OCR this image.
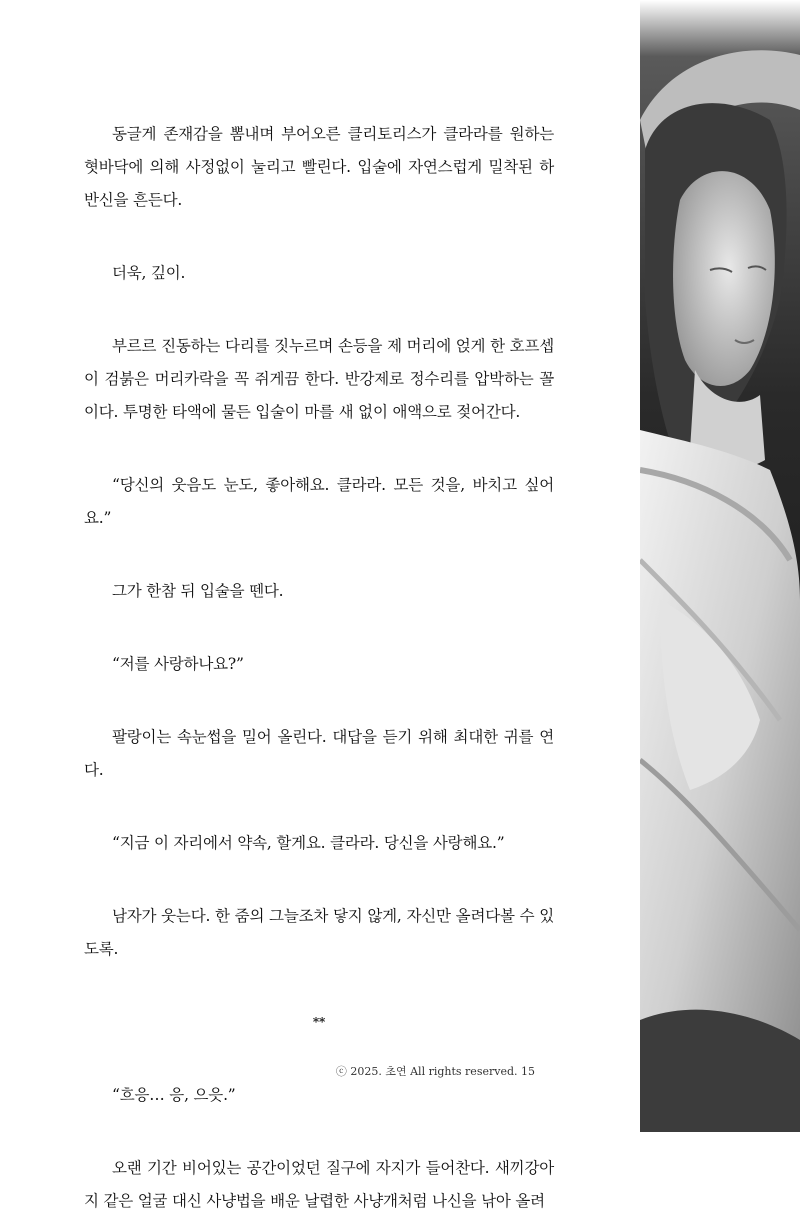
동글게 존재감을 뽐내며 부어오른 클리토리스가 클라라를 원하는 혓바닥에 의해 사정없이 눌리고 빨린다. 입술에 자연스럽게 밀착된 하반신을 흔든다.

더욱, 깊이.

부르르 진동하는 다리를 짓누르며 손등을 제 머리에 얹게 한 호프셉이 검붉은 머리카락을 꼭 쥐게끔 한다. 반강제로 정수리를 압박하는 꼴이다. 투명한 타액에 물든 입술이 마를 새 없이 애액으로 젖어간다.

“당신의 웃음도 눈도, 좋아해요. 클라라. 모든 것을, 바치고 싶어요.”

그가 한참 뒤 입술을 뗀다.

“저를 사랑하나요?”

팔랑이는 속눈썹을 밀어 올린다. 대답을 듣기 위해 최대한 귀를 연다.

“지금 이 자리에서 약속, 할게요. 클라라. 당신을 사랑해요.”

남자가 웃는다. 한 줌의 그늘조차 닿지 않게, 자신만 올려다볼 수 있도록.

**

“흐응… 응, 으읏.”

오랜 기간 비어있는 공간이었던 질구에 자지가 들어찬다. 새끼강아지 같은 얼굴 대신 사냥법을 배운 날렵한 사냥개처럼 나신을 낚아 올려

ⓒ 2025. 초연 All rights reserved. 15
